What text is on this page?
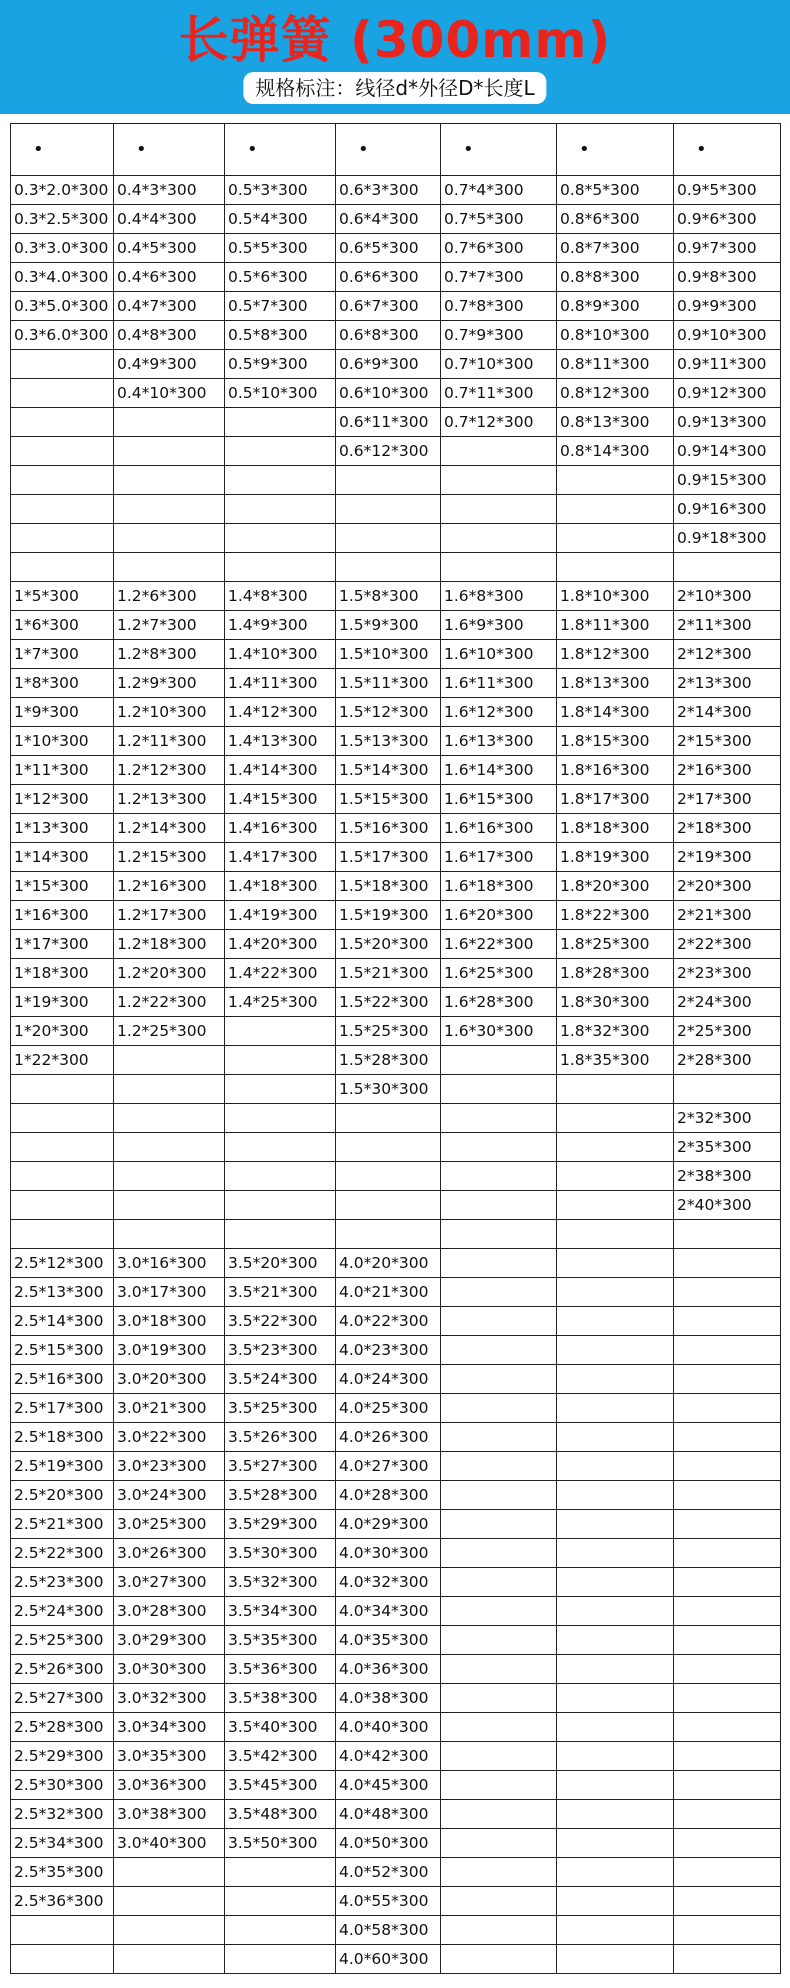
长弹簧 (300mm)
规格标注：线径d*外径D*长度L
•	•	•	•	•	•	•
0.3*2.0*300	0.4*3*300	0.5*3*300	0.6*3*300	0.7*4*300	0.8*5*300	0.9*5*300
0.3*2.5*300	0.4*4*300	0.5*4*300	0.6*4*300	0.7*5*300	0.8*6*300	0.9*6*300
0.3*3.0*300	0.4*5*300	0.5*5*300	0.6*5*300	0.7*6*300	0.8*7*300	0.9*7*300
0.3*4.0*300	0.4*6*300	0.5*6*300	0.6*6*300	0.7*7*300	0.8*8*300	0.9*8*300
0.3*5.0*300	0.4*7*300	0.5*7*300	0.6*7*300	0.7*8*300	0.8*9*300	0.9*9*300
0.3*6.0*300	0.4*8*300	0.5*8*300	0.6*8*300	0.7*9*300	0.8*10*300	0.9*10*300
	0.4*9*300	0.5*9*300	0.6*9*300	0.7*10*300	0.8*11*300	0.9*11*300
	0.4*10*300	0.5*10*300	0.6*10*300	0.7*11*300	0.8*12*300	0.9*12*300
			0.6*11*300	0.7*12*300	0.8*13*300	0.9*13*300
			0.6*12*300		0.8*14*300	0.9*14*300
						0.9*15*300
						0.9*16*300
						0.9*18*300

1*5*300	1.2*6*300	1.4*8*300	1.5*8*300	1.6*8*300	1.8*10*300	2*10*300
1*6*300	1.2*7*300	1.4*9*300	1.5*9*300	1.6*9*300	1.8*11*300	2*11*300
1*7*300	1.2*8*300	1.4*10*300	1.5*10*300	1.6*10*300	1.8*12*300	2*12*300
1*8*300	1.2*9*300	1.4*11*300	1.5*11*300	1.6*11*300	1.8*13*300	2*13*300
1*9*300	1.2*10*300	1.4*12*300	1.5*12*300	1.6*12*300	1.8*14*300	2*14*300
1*10*300	1.2*11*300	1.4*13*300	1.5*13*300	1.6*13*300	1.8*15*300	2*15*300
1*11*300	1.2*12*300	1.4*14*300	1.5*14*300	1.6*14*300	1.8*16*300	2*16*300
1*12*300	1.2*13*300	1.4*15*300	1.5*15*300	1.6*15*300	1.8*17*300	2*17*300
1*13*300	1.2*14*300	1.4*16*300	1.5*16*300	1.6*16*300	1.8*18*300	2*18*300
1*14*300	1.2*15*300	1.4*17*300	1.5*17*300	1.6*17*300	1.8*19*300	2*19*300
1*15*300	1.2*16*300	1.4*18*300	1.5*18*300	1.6*18*300	1.8*20*300	2*20*300
1*16*300	1.2*17*300	1.4*19*300	1.5*19*300	1.6*20*300	1.8*22*300	2*21*300
1*17*300	1.2*18*300	1.4*20*300	1.5*20*300	1.6*22*300	1.8*25*300	2*22*300
1*18*300	1.2*20*300	1.4*22*300	1.5*21*300	1.6*25*300	1.8*28*300	2*23*300
1*19*300	1.2*22*300	1.4*25*300	1.5*22*300	1.6*28*300	1.8*30*300	2*24*300
1*20*300	1.2*25*300		1.5*25*300	1.6*30*300	1.8*32*300	2*25*300
1*22*300			1.5*28*300		1.8*35*300	2*28*300
			1.5*30*300			
						2*32*300
						2*35*300
						2*38*300
						2*40*300

2.5*12*300	3.0*16*300	3.5*20*300	4.0*20*300			
2.5*13*300	3.0*17*300	3.5*21*300	4.0*21*300			
2.5*14*300	3.0*18*300	3.5*22*300	4.0*22*300			
2.5*15*300	3.0*19*300	3.5*23*300	4.0*23*300			
2.5*16*300	3.0*20*300	3.5*24*300	4.0*24*300			
2.5*17*300	3.0*21*300	3.5*25*300	4.0*25*300			
2.5*18*300	3.0*22*300	3.5*26*300	4.0*26*300			
2.5*19*300	3.0*23*300	3.5*27*300	4.0*27*300			
2.5*20*300	3.0*24*300	3.5*28*300	4.0*28*300			
2.5*21*300	3.0*25*300	3.5*29*300	4.0*29*300			
2.5*22*300	3.0*26*300	3.5*30*300	4.0*30*300			
2.5*23*300	3.0*27*300	3.5*32*300	4.0*32*300			
2.5*24*300	3.0*28*300	3.5*34*300	4.0*34*300			
2.5*25*300	3.0*29*300	3.5*35*300	4.0*35*300			
2.5*26*300	3.0*30*300	3.5*36*300	4.0*36*300			
2.5*27*300	3.0*32*300	3.5*38*300	4.0*38*300			
2.5*28*300	3.0*34*300	3.5*40*300	4.0*40*300			
2.5*29*300	3.0*35*300	3.5*42*300	4.0*42*300			
2.5*30*300	3.0*36*300	3.5*45*300	4.0*45*300			
2.5*32*300	3.0*38*300	3.5*48*300	4.0*48*300			
2.5*34*300	3.0*40*300	3.5*50*300	4.0*50*300			
2.5*35*300			4.0*52*300			
2.5*36*300			4.0*55*300			
			4.0*58*300			
			4.0*60*300			
